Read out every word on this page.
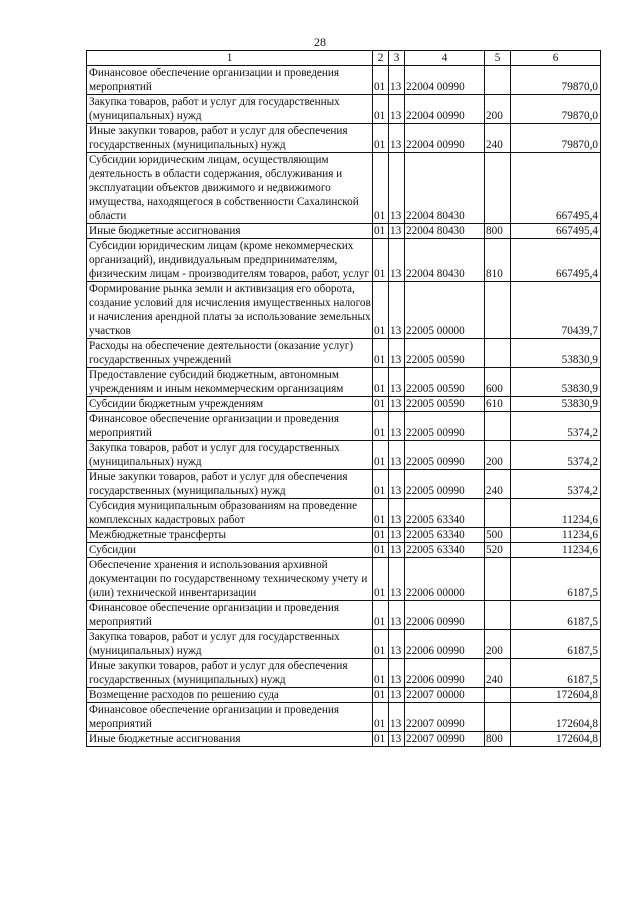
28
1	2	3	4	5	6
Финансовое обеспечение организации и проведения мероприятий	01	13	22004 00990		79870,0
Закупка товаров, работ и услуг для государственных (муниципальных) нужд	01	13	22004 00990	200	79870,0
Иные закупки товаров, работ и услуг для обеспечения государственных (муниципальных) нужд	01	13	22004 00990	240	79870,0
Субсидии юридическим лицам, осуществляющим деятельность в области содержания, обслуживания и эксплуатации объектов движимого и недвижимого имущества, находящегося в собственности Сахалинской области	01	13	22004 80430		667495,4
Иные бюджетные ассигнования	01	13	22004 80430	800	667495,4
Субсидии юридическим лицам (кроме некоммерческих организаций), индивидуальным предпринимателям, физическим лицам - производителям товаров, работ, услуг	01	13	22004 80430	810	667495,4
Формирование рынка земли и активизация его оборота, создание условий для исчисления имущественных налогов и начисления арендной платы за использование земельных участков	01	13	22005 00000		70439,7
Расходы на обеспечение деятельности (оказание услуг) государственных учреждений	01	13	22005 00590		53830,9
Предоставление субсидий бюджетным, автономным учреждениям и иным некоммерческим организациям	01	13	22005 00590	600	53830,9
Субсидии бюджетным учреждениям	01	13	22005 00590	610	53830,9
Финансовое обеспечение организации и проведения мероприятий	01	13	22005 00990		5374,2
Закупка товаров, работ и услуг для государственных (муниципальных) нужд	01	13	22005 00990	200	5374,2
Иные закупки товаров, работ и услуг для обеспечения государственных (муниципальных) нужд	01	13	22005 00990	240	5374,2
Субсидия муниципальным образованиям на проведение комплексных кадастровых работ	01	13	22005 63340		11234,6
Межбюджетные трансферты	01	13	22005 63340	500	11234,6
Субсидии	01	13	22005 63340	520	11234,6
Обеспечение хранения и использования архивной документации по государственному техническому учету и (или) технической инвентаризации	01	13	22006 00000		6187,5
Финансовое обеспечение организации и проведения мероприятий	01	13	22006 00990		6187,5
Закупка товаров, работ и услуг для государственных (муниципальных) нужд	01	13	22006 00990	200	6187,5
Иные закупки товаров, работ и услуг для обеспечения государственных (муниципальных) нужд	01	13	22006 00990	240	6187,5
Возмещение расходов по решению суда	01	13	22007 00000		172604,8
Финансовое обеспечение организации и проведения мероприятий	01	13	22007 00990		172604,8
Иные бюджетные ассигнования	01	13	22007 00990	800	172604,8
